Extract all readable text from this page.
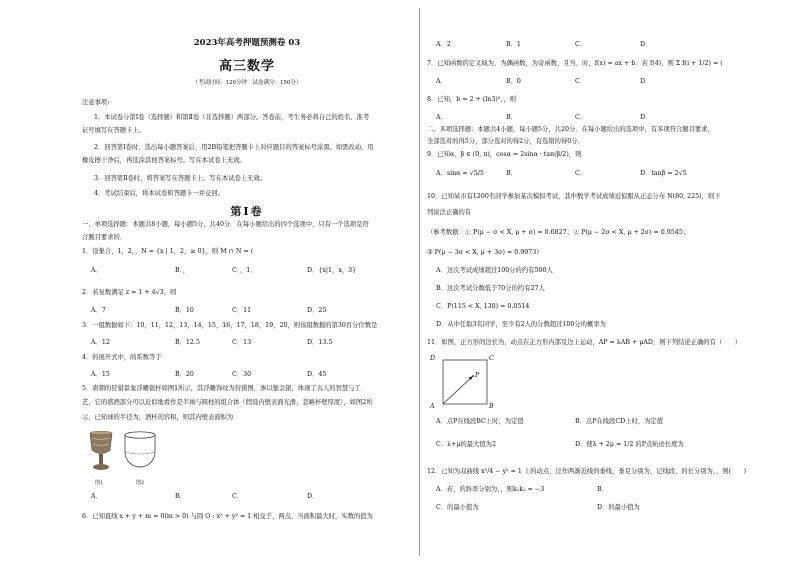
2023年高考押题预测卷 03
高三数学
（考试时间：120分钟　试卷满分：150分）
注意事项:
1．本试卷分第Ⅰ卷（选择题）和第Ⅱ卷（非选择题）两部分。答卷前，考生务必将自己的姓名、准考
证号填写在答题卡上。
2．回答第Ⅰ卷时，选出每小题答案后，用2B铅笔把答题卡上对应题目的答案标号涂黑。如需改动，用
橡皮擦干净后，再选涂其他答案标号。写在本试卷上无效。
3．回答第Ⅱ卷时，将答案写在答题卡上。写在本试卷上无效。
4．考试结束后，将本试卷和答题卡一并交回。
第Ⅰ卷
一、单项选择题：本题共8小题，每小题5分，共40分．在每小题给出的四个选项中，只有一个选项是符
合题目要求的．
1．设集合，1，2，，N = {x | 1，2，≥ 0}，则 M ∩ N = (
A．	B．，	C．，1．	D．{x|1，x，3}
2．若复数满足 z = 1 + 4√3，则
A．7	B．10	C．11	D．25
3．一组数据如下：10，11，12，13，14，15，16，17，18，19，20，则该组数据的第30百分位数是
A．12	B．12.5	C．13	D．13.5
4．的展开式中，的系数等于
A．15	B．20	C．30	D．45
5．唐朝的狩猎景象浮雕银杯如图1所示，其浮雕饰纹为狩猎图，渗以錾金银，体现了古人的智慧与工
艺，它的盛酒部分可以近似地看作是半球与圆柱的组合体（假设内壁表面光滑，忽略杯壁厚度），如图2所
示，已知球的半径为，酒杯的容积，则其内壁表面积为
图1	图2
A．	B．	C．	D．
6．已知直线 x + y + m = 0(m > 0) 与圆 O : x² + y² = 1 相交于，两点，当面积最大时，实数的值为
A．2	B．1	C．	D．
7．已知函数的定义域为，为偶函数，为奇函数，且当，时，f(x) = ax + b．若 f(4)，则 Σ f(i + 1/2) = (
A．	B．0	C．	D．
8．已知，b = 2 + (ln3)²，，则
A．	B．	C．	D．
二、多项选择题：本题共4小题，每小题5分，共20分．在每小题给出的选项中，有多项符合题目要求，
全部选对的得5分，部分选对的得2分，有选错的得0分．
9．已知α，β ∈ (0, π)，cosα = 2sinα · tan(β/2)，则
A．sinα = √5/5	B．	C．	D．tanβ = 2√5
10．已知某市有1200名同学参加某次模拟考试，其中数学考试成绩近似服从正态分布 N(80, 225)，则下
列说法正确的有
（参考数据：① P(μ − σ < X, μ + σ) = 0.6827；② P(μ − 2σ < X, μ + 2σ) = 0.9545；
③ P(μ − 3σ < X, μ + 3σ) = 0.9973）
A．这次考试成绩超过100分的约有500人
B．这次考试分数低于70分的约有27人
C．P(115 < X, 130) = 0.0514
D．从中任取3名同学，至少有2人的分数超过100分的概率为
11．如图，正方形的边长为，动点在正方形内部及边上运动，AP = λAB + μAD，则下列结论正确的有（　　）
D	C
A	B
P
A．点P在线段BC上时，为定值	B．点P在线段CD上时，为定值
C．λ+μ的最大值为2	D．使λ + 2μ = 1/2 的P点轨迹长度为
12．已知为双曲线 x²/4 − y² = 1 上的动点，过作两渐近线的垂线，垂足分别为，记线段，的长分别为，，则(　　)
A．若，的斜率分别为，，则k₁k₂ = −3	B．
C．的最小值为	D．的最小值为
